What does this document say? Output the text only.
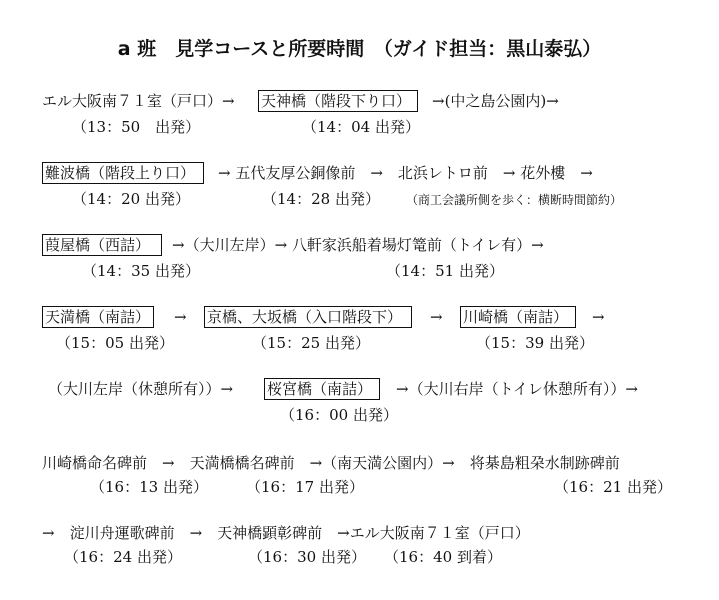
a 班　見学コースと所要時間　（ガイド担当：黒山泰弘）
エル大阪南７１室（戸口）→ 天神橋（階段下り口）	→(中之島公園内)→
（13：50　出発）	（14：04 出発）
難波橋（階段上り口）	→ 五代友厚公銅像前　→　北浜レトロ前　→ 花外樓　→
（14：20 出発）	（14：28 出発） （商工会議所側を歩く：横断時間節約）
葭屋橋（西詰）	→（大川左岸）→ 八軒家浜船着場灯篭前（トイレ有）→
（14：35 出発）	（14：51 出発）
天満橋（南詰） → 京橋、大坂橋（入口階段下）	→ 川崎橋（南詰）	→
（15：05 出発）	（15：25 出発）	（15：39 出発）
（大川左岸（休憩所有））→ 桜宮橋（南詰）	→（大川右岸（トイレ休憩所有））→
（16：00 出発）
川崎橋命名碑前　→　天満橋橋名碑前　→（南天満公園内）→　将棊島粗朶水制跡碑前
（16：13 出発）	（16：17 出発）	（16：21 出発）
→　淀川舟運歌碑前　→　天神橋顕彰碑前　→エル大阪南７１室（戸口）
（16：24 出発）	（16：30 出発） （16：40 到着）
